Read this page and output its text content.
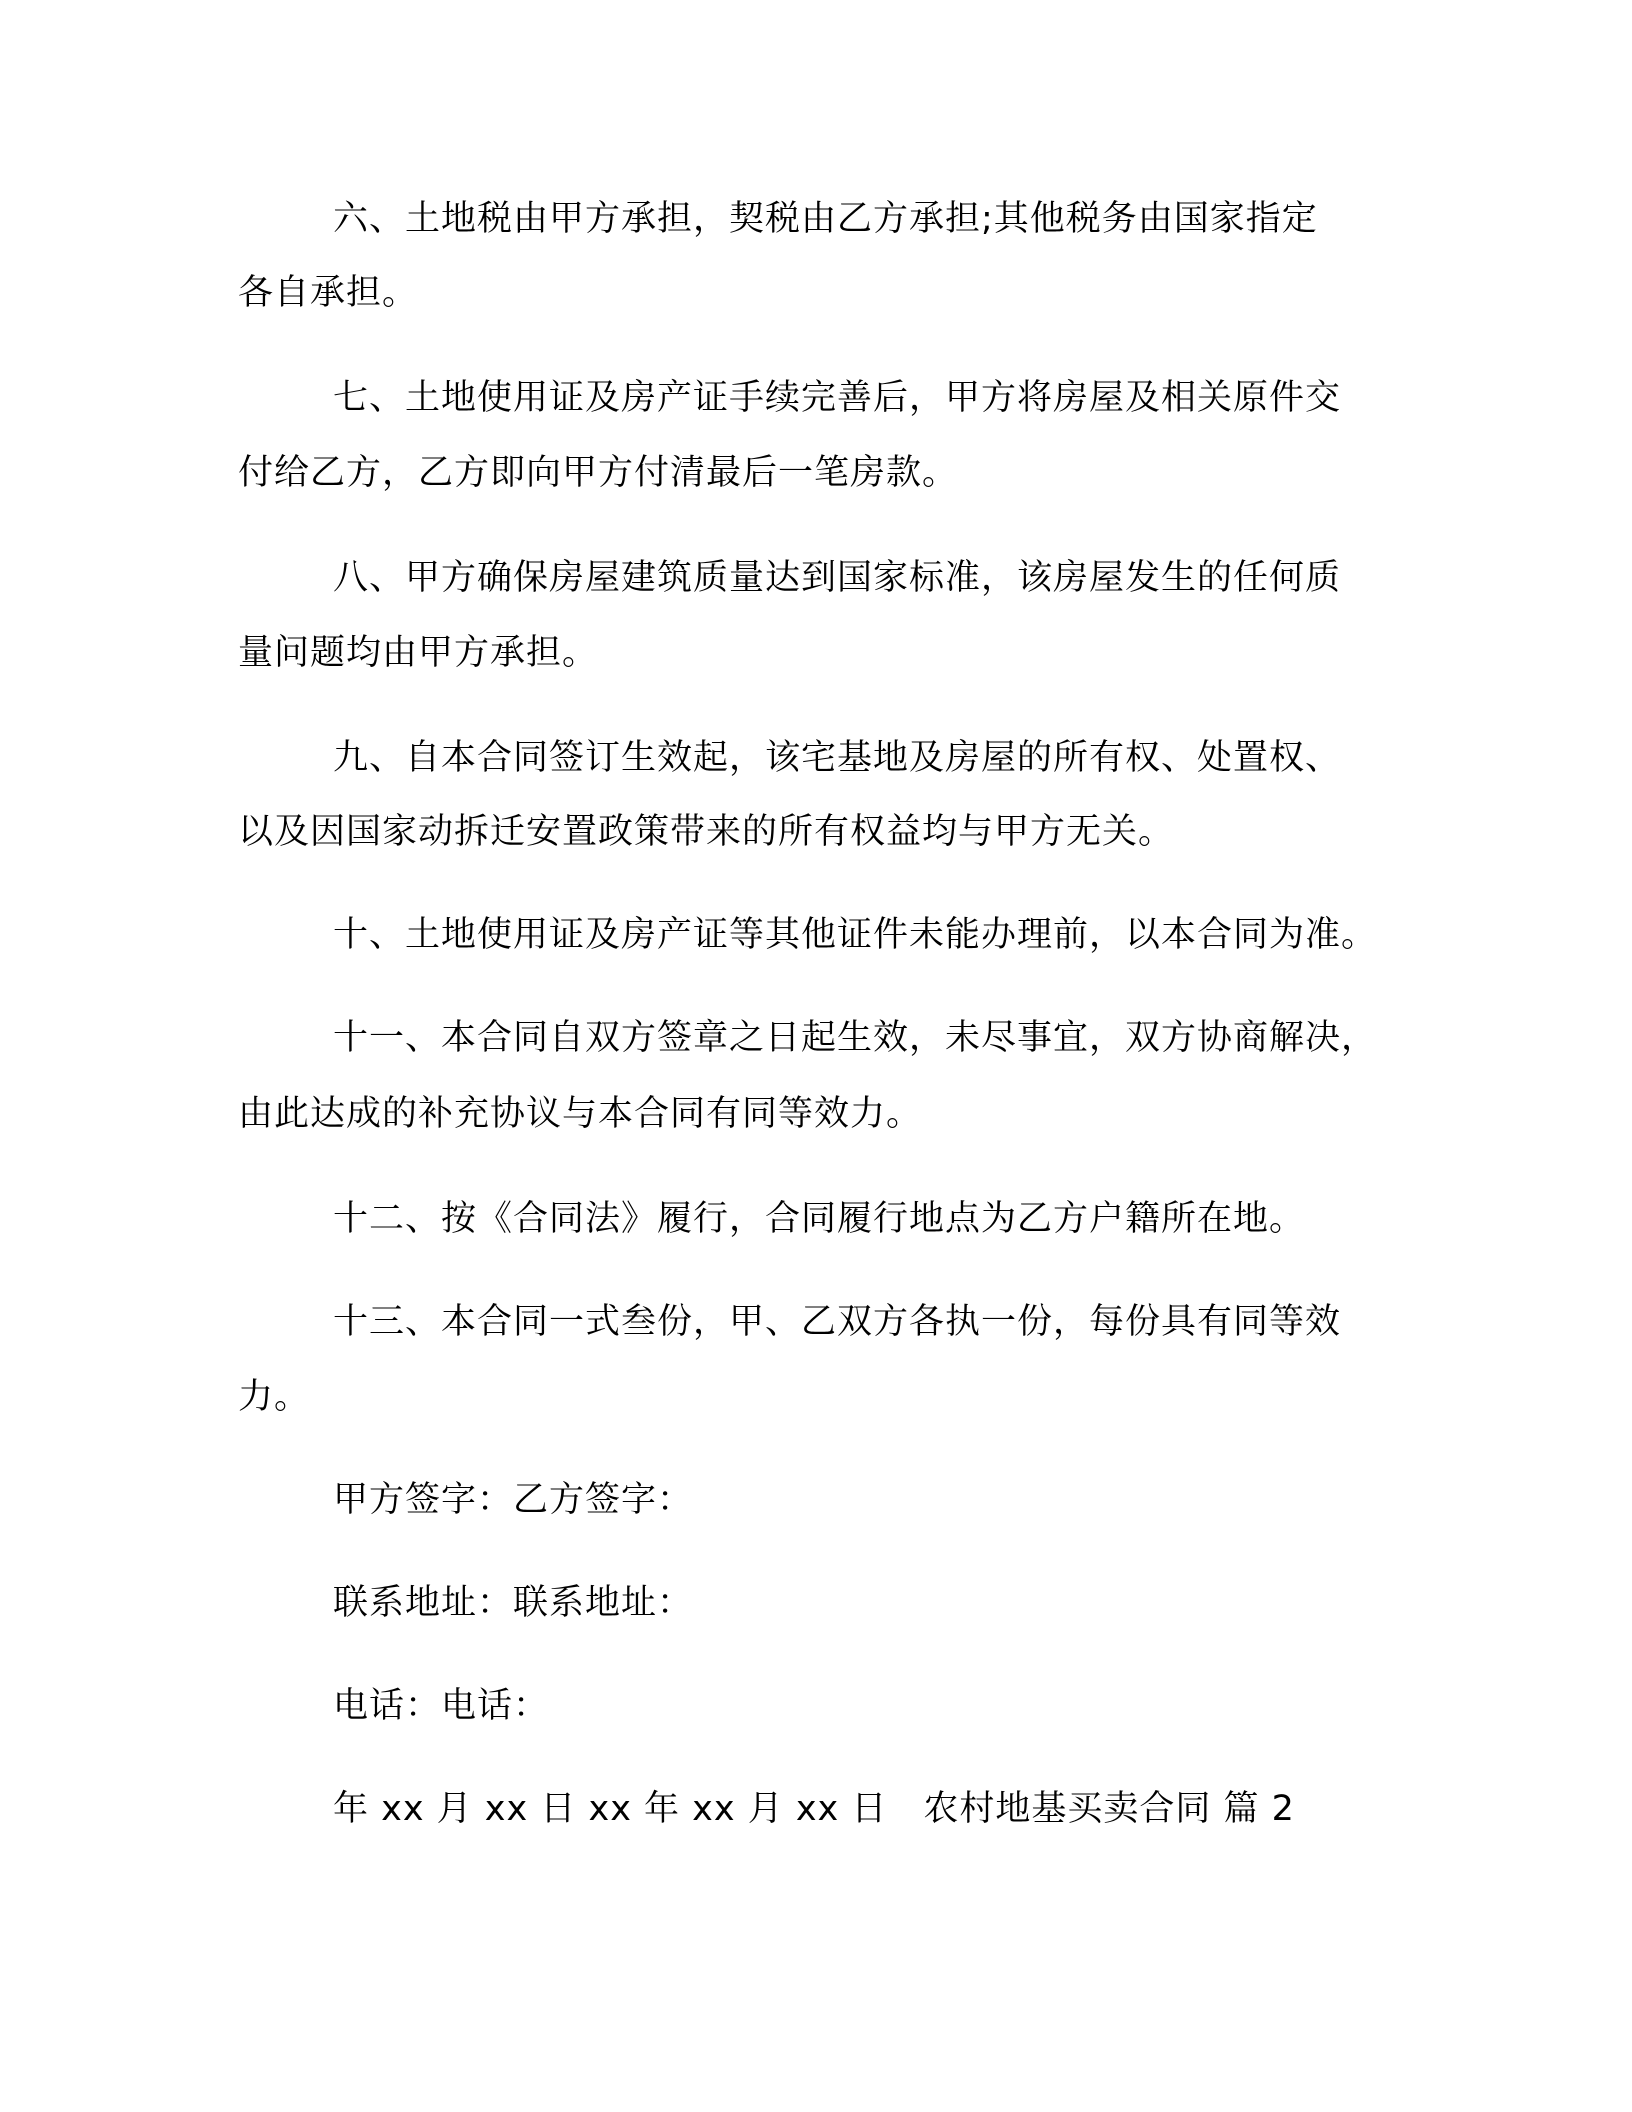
六、土地税由甲方承担，契税由乙方承担;其他税务由国家指定
各自承担。
七、土地使用证及房产证手续完善后，甲方将房屋及相关原件交
付给乙方，乙方即向甲方付清最后一笔房款。
八、甲方确保房屋建筑质量达到国家标准，该房屋发生的任何质
量问题均由甲方承担。
九、自本合同签订生效起，该宅基地及房屋的所有权、处置权、
以及因国家动拆迁安置政策带来的所有权益均与甲方无关。
十、土地使用证及房产证等其他证件未能办理前，以本合同为准。
十一、本合同自双方签章之日起生效，未尽事宜，双方协商解决，
由此达成的补充协议与本合同有同等效力。
十二、按《合同法》履行，合同履行地点为乙方户籍所在地。
十三、本合同一式叁份，甲、乙双方各执一份，每份具有同等效
力。
甲方签字：乙方签字：
联系地址：联系地址：
电话：电话：
年 xx 月 xx 日 xx 年 xx 月 xx 日　农村地基买卖合同 篇 2
